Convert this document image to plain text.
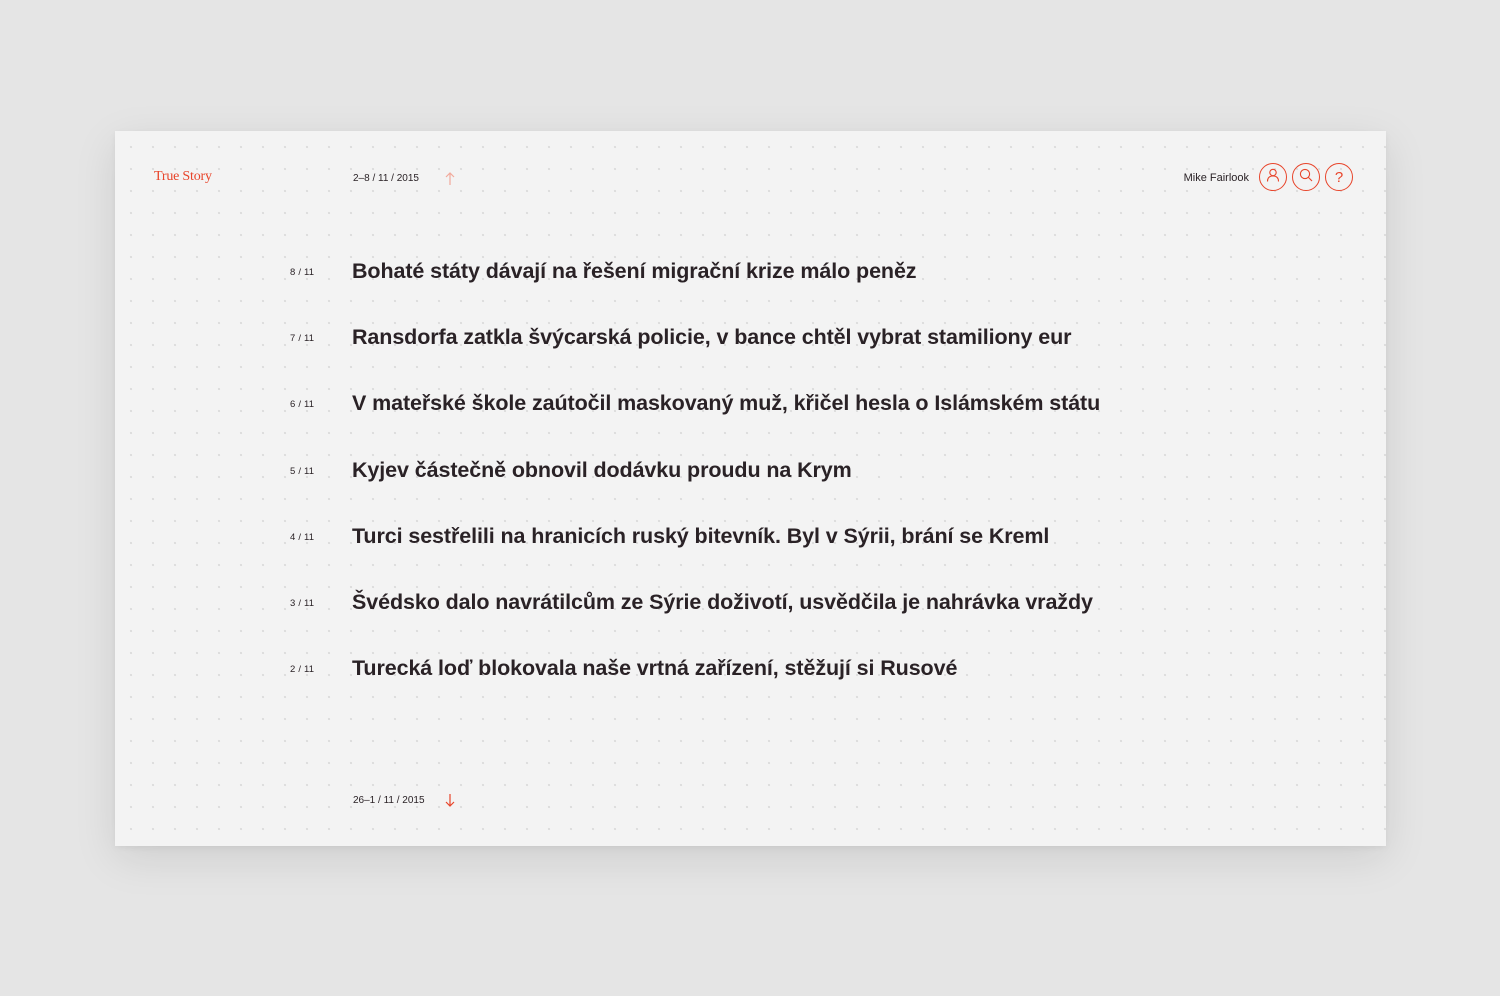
True Story	2–8 / 11 / 2015	Mike Fairlook	?
8 / 11 Bohaté státy dávají na řešení migrační krize málo peněz
7 / 11 Ransdorfa zatkla švýcarská policie, v bance chtěl vybrat stamiliony eur
6 / 11 V mateřské škole zaútočil maskovaný muž, křičel hesla o Islámském státu
5 / 11 Kyjev částečně obnovil dodávku proudu na Krym
4 / 11 Turci sestřelili na hranicích ruský bitevník. Byl v Sýrii, brání se Kreml
3 / 11 Švédsko dalo navrátilcům ze Sýrie doživotí, usvědčila je nahrávka vraždy
2 / 11 Turecká loď blokovala naše vrtná zařízení, stěžují si Rusové
26–1 / 11 / 2015
